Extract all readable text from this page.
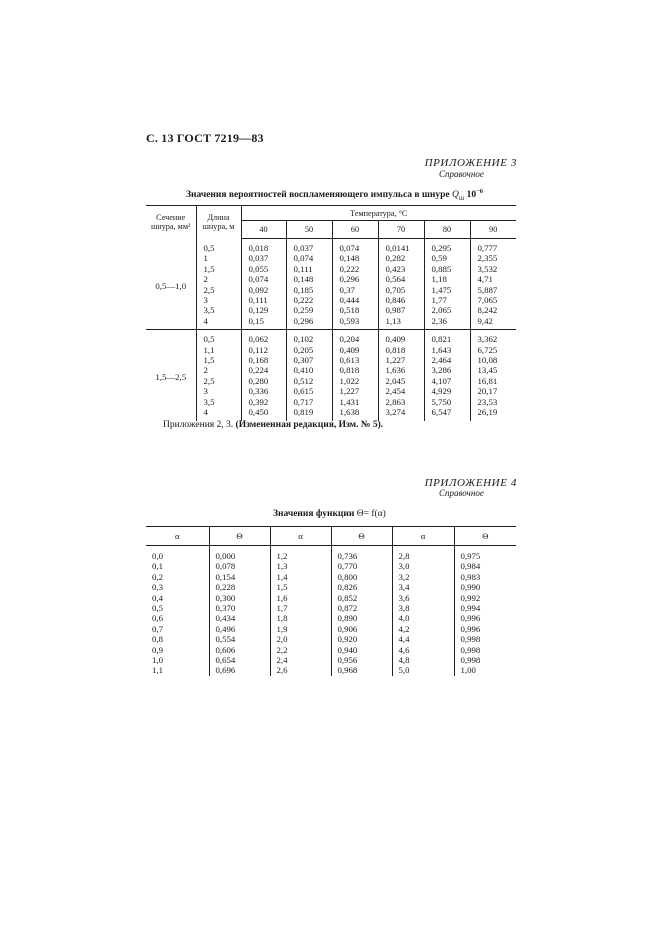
С. 13 ГОСТ 7219—83
ПРИЛОЖЕНИЕ 3
Справочное
Значения вероятностей воспламеняющего импульса в шнуре $Q_ш$ $10^{-6}$
Сечение шнура, мм²	Длина шнура, м	Температура, °С					
		40	50	60	70	80	90
0,5—1,0	0,5	0,018	0,037	0,074	0,0141	0,295	0,777
	1	0,037	0,074	0,148	0,282	0,59	2,355
	1,5	0,055	0,111	0,222	0,423	0,885	3,532
	2	0,074	0,148	0,296	0,564	1,18	4,71
	2,5	0,092	0,185	0,37	0,705	1,475	5,887
	3	0,111	0,222	0,444	0,846	1,77	7,065
	3,5	0,129	0,259	0,518	0,987	2,065	8,242
	4	0,15	0,296	0,593	1,13	2,36	9,42
1,5—2,5	0,5	0,062	0,102	0,204	0,409	0,821	3,362
	1,1	0,112	0,205	0,409	0,818	1,643	6,725
	1,5	0,168	0,307	0,613	1,227	2,464	10,08
	2	0,224	0,410	0,818	1,636	3,286	13,45
	2,5	0,280	0,512	1,022	2,045	4,107	16,81
	3	0,336	0,615	1,227	2,454	4,929	20,17
	3,5	0,392	0,717	1,431	2,863	5,750	23,53
	4	0,450	0,819	1,638	3,274	6,547	26,19
Приложения 2, 3. (Измененная редакция, Изм. № 5).
ПРИЛОЖЕНИЕ 4
Справочное
Значения функции Θ= f(α)
α	Θ	α	Θ	α	Θ
0,0	0,000	1,2	0,736	2,8	0,975
0,1	0,078	1,3	0,770	3,0	0,984
0,2	0,154	1,4	0,800	3,2	0,983
0,3	0,228	1,5	0,826	3,4	0,990
0,4	0,300	1,6	0,852	3,6	0,992
0,5	0,370	1,7	0,872	3,8	0,994
0,6	0,434	1,8	0,890	4,0	0,996
0,7	0,496	1,9	0,906	4,2	0,996
0,8	0,554	2,0	0,920	4,4	0,998
0,9	0,606	2,2	0,940	4,6	0,998
1,0	0,654	2,4	0,956	4,8	0,998
1,1	0,696	2,6	0,968	5,0	1,00
